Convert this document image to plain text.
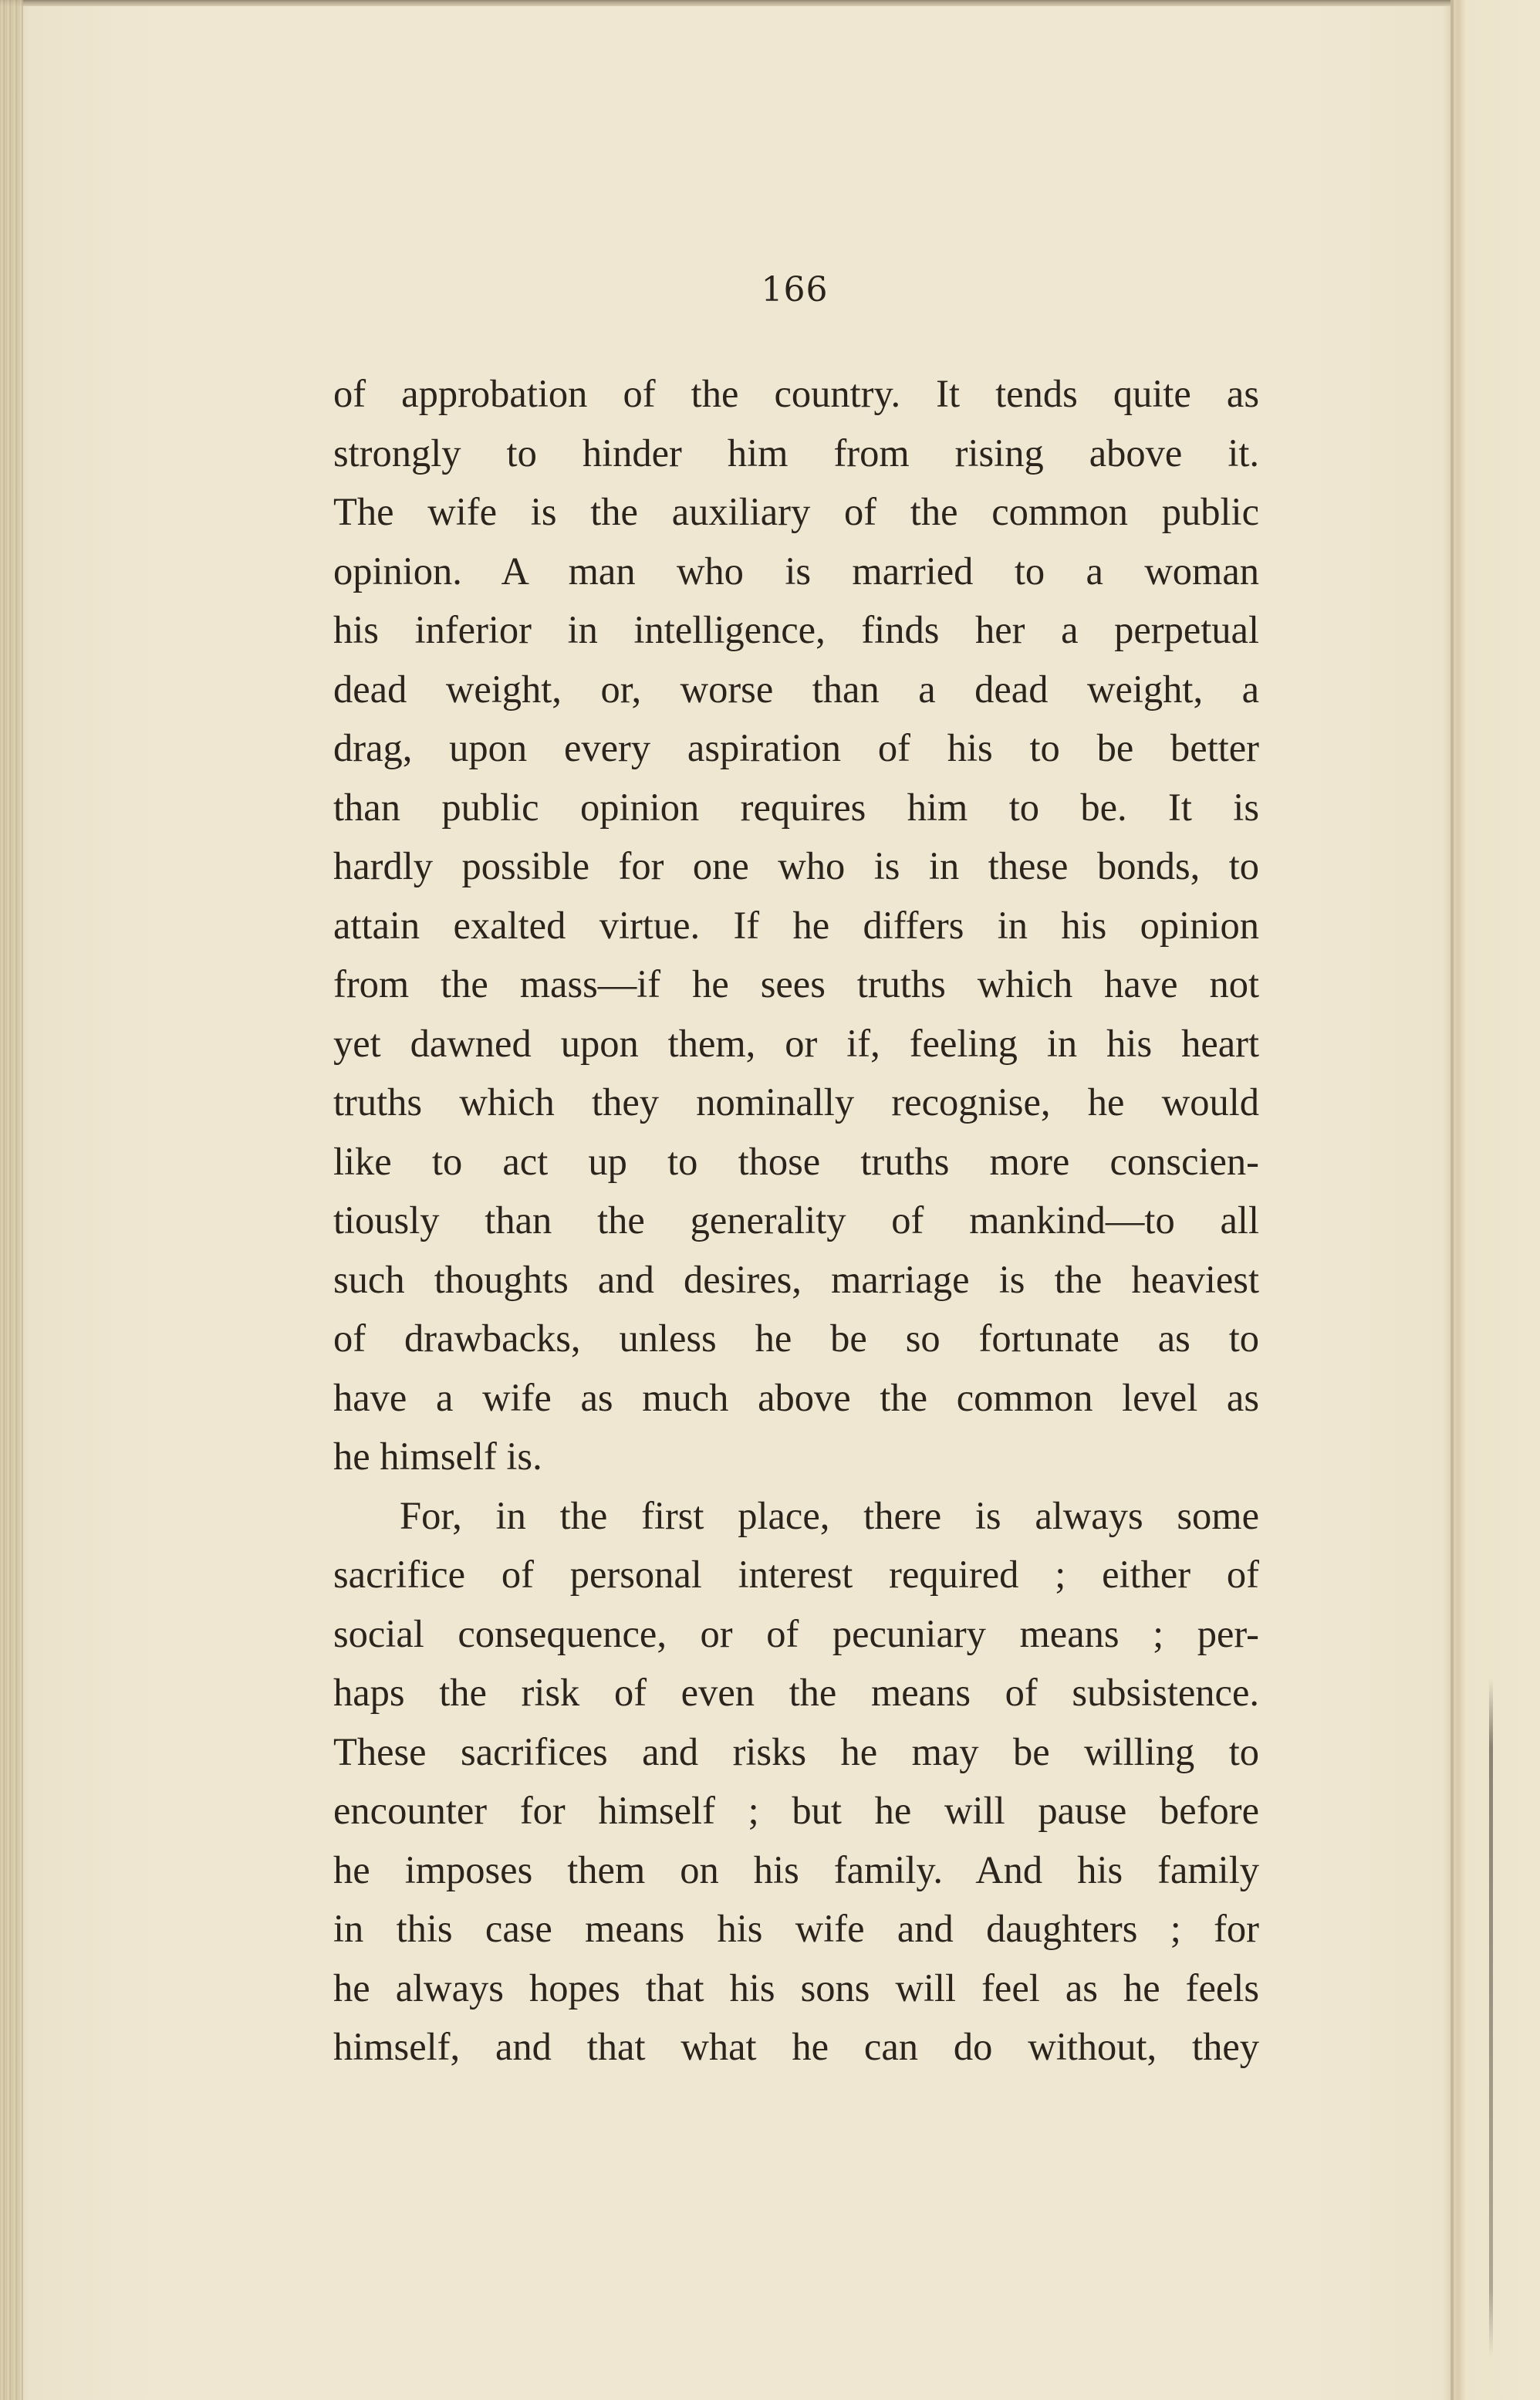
166
of approbation of the country. It tends quite as
strongly to hinder him from rising above it.
The wife is the auxiliary of the common public
opinion. A man who is married to a woman
his inferior in intelligence, finds her a perpetual
dead weight, or, worse than a dead weight, a
drag, upon every aspiration of his to be better
than public opinion requires him to be. It is
hardly possible for one who is in these bonds, to
attain exalted virtue. If he differs in his opinion
from the mass—if he sees truths which have not
yet dawned upon them, or if, feeling in his heart
truths which they nominally recognise, he would
like to act up to those truths more conscien-
tiously than the generality of mankind—to all
such thoughts and desires, marriage is the heaviest
of drawbacks, unless he be so fortunate as to
have a wife as much above the common level as
he himself is.
For, in the first place, there is always some
sacrifice of personal interest required ; either of
social consequence, or of pecuniary means ; per-
haps the risk of even the means of subsistence.
These sacrifices and risks he may be willing to
encounter for himself ; but he will pause before
he imposes them on his family. And his family
in this case means his wife and daughters ; for
he always hopes that his sons will feel as he feels
himself, and that what he can do without, they
